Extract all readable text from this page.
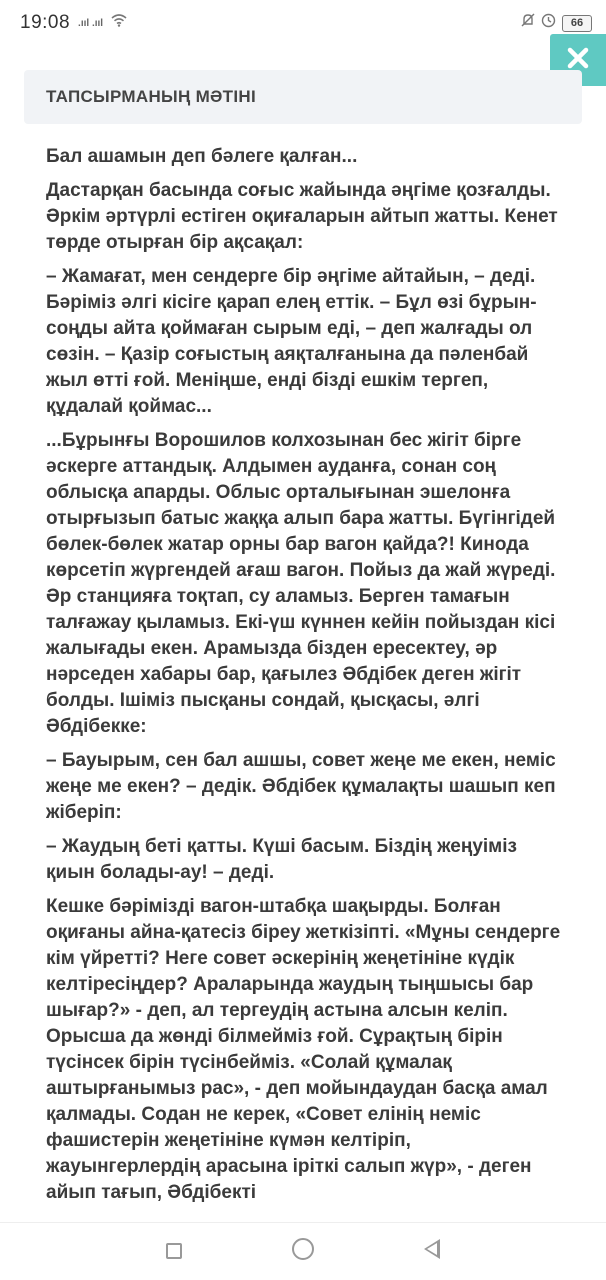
19:08 .ııl .ııl	66
ТАПСЫРМАНЫҢ МӘТІНІ

Бал ашамын деп бәлеге қалған...

Дастарқан басында соғыс жайында әңгіме қозғалды. Әркім әртүрлі естіген оқиғаларын айтып жатты. Кенет төрде отырған бір ақсақал:

– Жамағат, мен сендерге бір әңгіме айтайын, – деді. Бәріміз әлгі кісіге қарап елең еттік. – Бұл өзі бұрын-соңды айта қоймаған сырым еді, – деп жалғады ол сөзін. – Қазір соғыстың аяқталғанына да пәленбай жыл өтті ғой. Меніңше, енді бізді ешкім тергеп, құдалай қоймас...

...Бұрынғы Ворошилов колхозынан бес жігіт бірге әскерге аттандық. Алдымен ауданға, сонан соң облысқа апарды. Облыс орталығынан эшелонға отырғызып батыс жаққа алып бара жатты. Бүгінгідей бөлек-бөлек жатар орны бар вагон қайда?! Кинода көрсетіп жүргендей ағаш вагон. Пойыз да жай жүреді. Әр станцияға тоқтап, су аламыз. Берген тамағын талғажау қыламыз. Екі-үш күннен кейін пойыздан кісі жалығады екен. Арамызда бізден ересектеу, әр нәрседен хабары бар, қағылез Әбдібек деген жігіт болды. Ішіміз пысқаны сондай, қысқасы, әлгі Әбдібекке:

– Бауырым, сен бал ашшы, совет жеңе ме екен, неміс жеңе ме екен? – дедік. Әбдібек құмалақты шашып кеп жіберіп:

– Жаудың беті қатты. Күші басым. Біздің жеңуіміз қиын болады-ау! – деді.

Кешке бәрімізді вагон-штабқа шақырды. Болған оқиғаны айна-қатесіз біреу жеткізіпті. «Мұны сендерге кім үйретті? Неге совет әскерінің жеңетініне күдік келтіресіңдер? Араларында жаудың тыңшысы бар шығар?» - деп, ал тергеудің астына алсын келіп. Орысша да жөнді білмейміз ғой. Сұрақтың бірін түсінсек бірін түсінбейміз. «Солай құмалақ аштырғанымыз рас», - деп мойындаудан басқа амал қалмады. Содан не керек, «Совет елінің неміс фашистерін жеңетініне күмән келтіріп, жауынгерлердің арасына іріткі салып жүр», - деген айып тағып, Әбдібекті
